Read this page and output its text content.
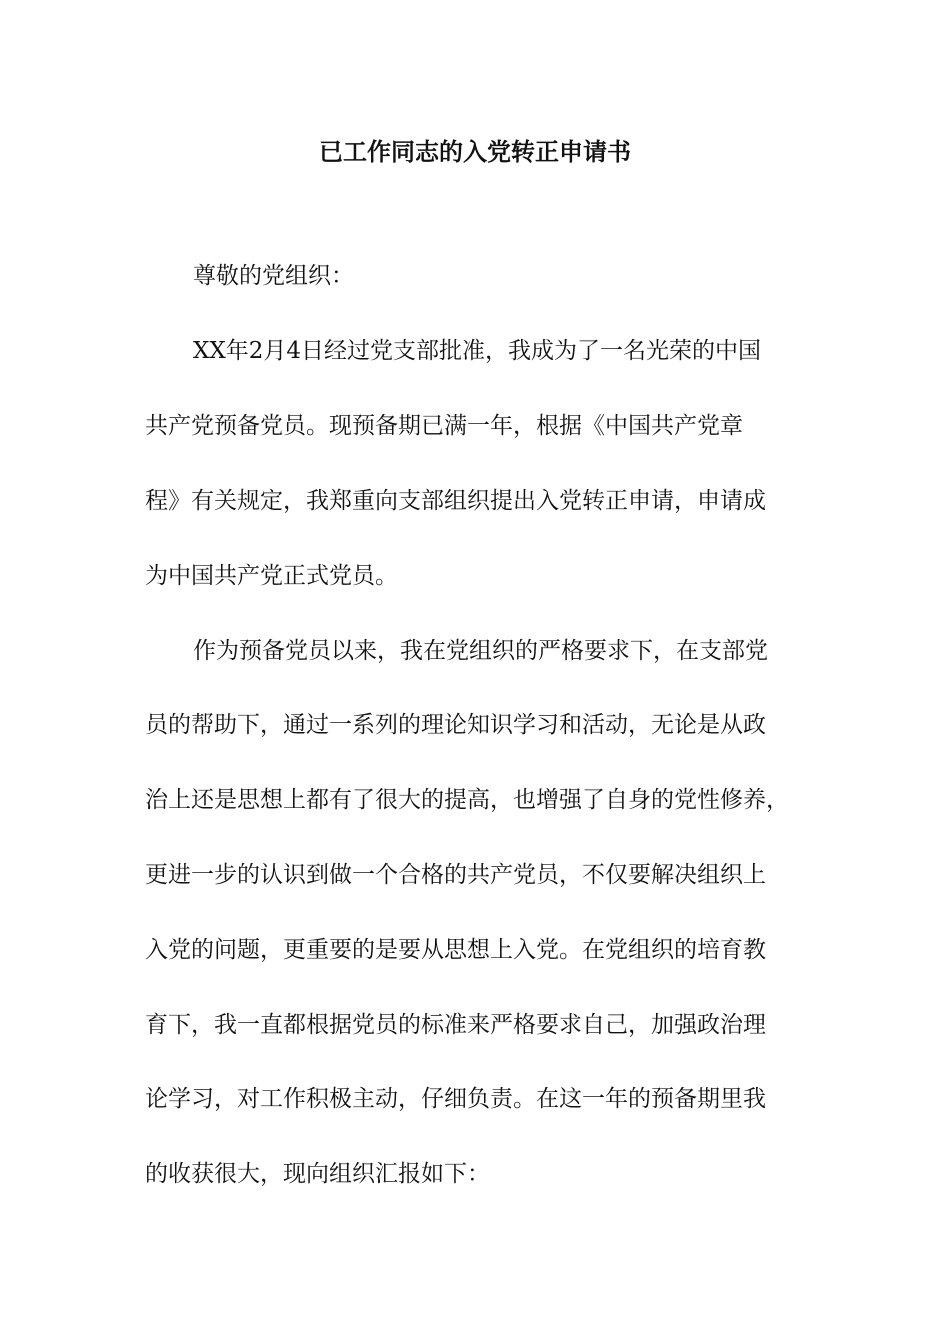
已工作同志的入党转正申请书
尊敬的党组织：
XX年2月4日经过党支部批准，我成为了一名光荣的中国
共产党预备党员。现预备期已满一年，根据《中国共产党章
程》有关规定，我郑重向支部组织提出入党转正申请，申请成
为中国共产党正式党员。
作为预备党员以来，我在党组织的严格要求下，在支部党
员的帮助下，通过一系列的理论知识学习和活动，无论是从政
治上还是思想上都有了很大的提高，也增强了自身的党性修养，
更进一步的认识到做一个合格的共产党员，不仅要解决组织上
入党的问题，更重要的是要从思想上入党。在党组织的培育教
育下，我一直都根据党员的标准来严格要求自己，加强政治理
论学习，对工作积极主动，仔细负责。在这一年的预备期里我
的收获很大，现向组织汇报如下：
